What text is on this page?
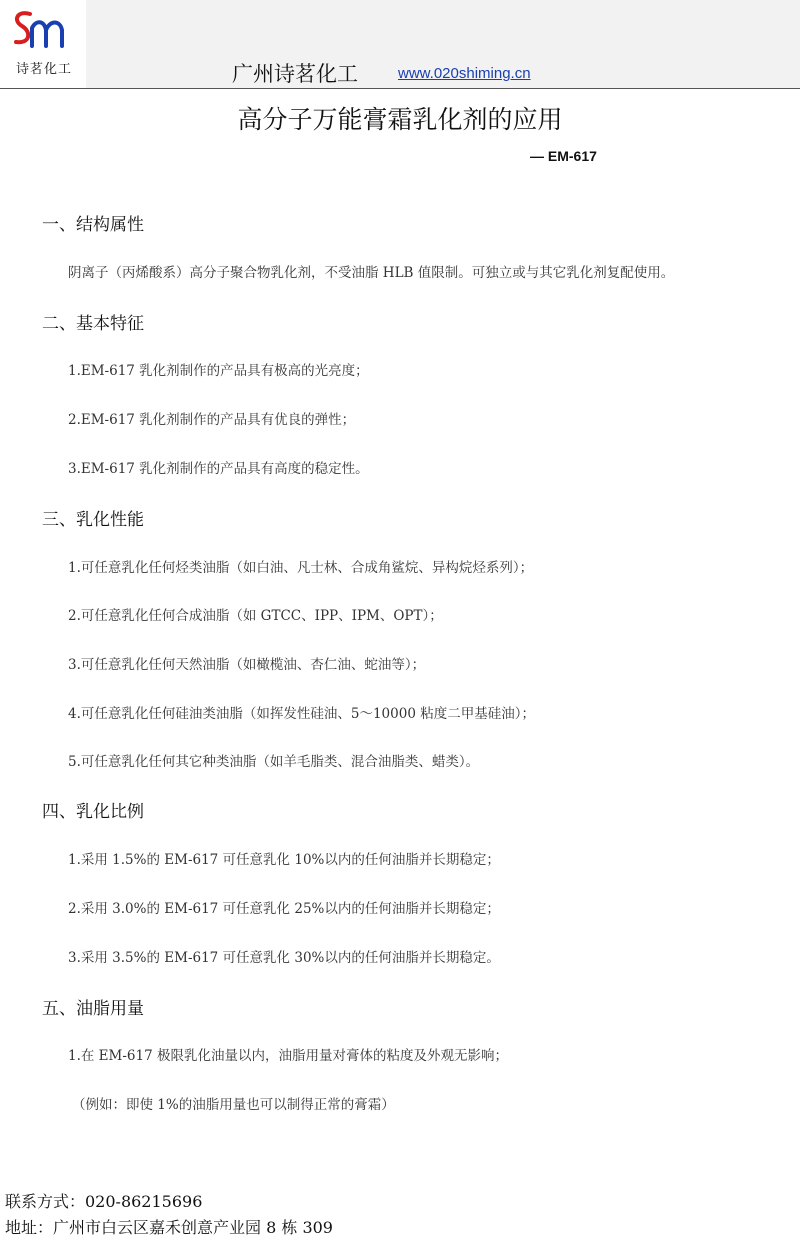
诗茗化工	广州诗茗化工	www.020shiming.cn
高分子万能膏霜乳化剂的应用
— EM-617
一、结构属性
阴离子（丙烯酸系）高分子聚合物乳化剂，不受油脂 HLB 值限制。可独立或与其它乳化剂复配使用。
二、基本特征
1.EM-617 乳化剂制作的产品具有极高的光亮度；
2.EM-617 乳化剂制作的产品具有优良的弹性；
3.EM-617 乳化剂制作的产品具有高度的稳定性。
三、乳化性能
1.可任意乳化任何烃类油脂（如白油、凡士林、合成角鲨烷、异构烷烃系列）；
2.可任意乳化任何合成油脂（如 GTCC、IPP、IPM、OPT）；
3.可任意乳化任何天然油脂（如橄榄油、杏仁油、蛇油等）；
4.可任意乳化任何硅油类油脂（如挥发性硅油、5～10000 粘度二甲基硅油）；
5.可任意乳化任何其它种类油脂（如羊毛脂类、混合油脂类、蜡类）。
四、乳化比例
1.采用 1.5%的 EM-617 可任意乳化 10%以内的任何油脂并长期稳定；
2.采用 3.0%的 EM-617 可任意乳化 25%以内的任何油脂并长期稳定；
3.采用 3.5%的 EM-617 可任意乳化 30%以内的任何油脂并长期稳定。
五、油脂用量
1.在 EM-617 极限乳化油量以内，油脂用量对膏体的粘度及外观无影响；
（例如：即使 1%的油脂用量也可以制得正常的膏霜）
联系方式：020-86215696
地址：广州市白云区嘉禾创意产业园 8 栋 309
